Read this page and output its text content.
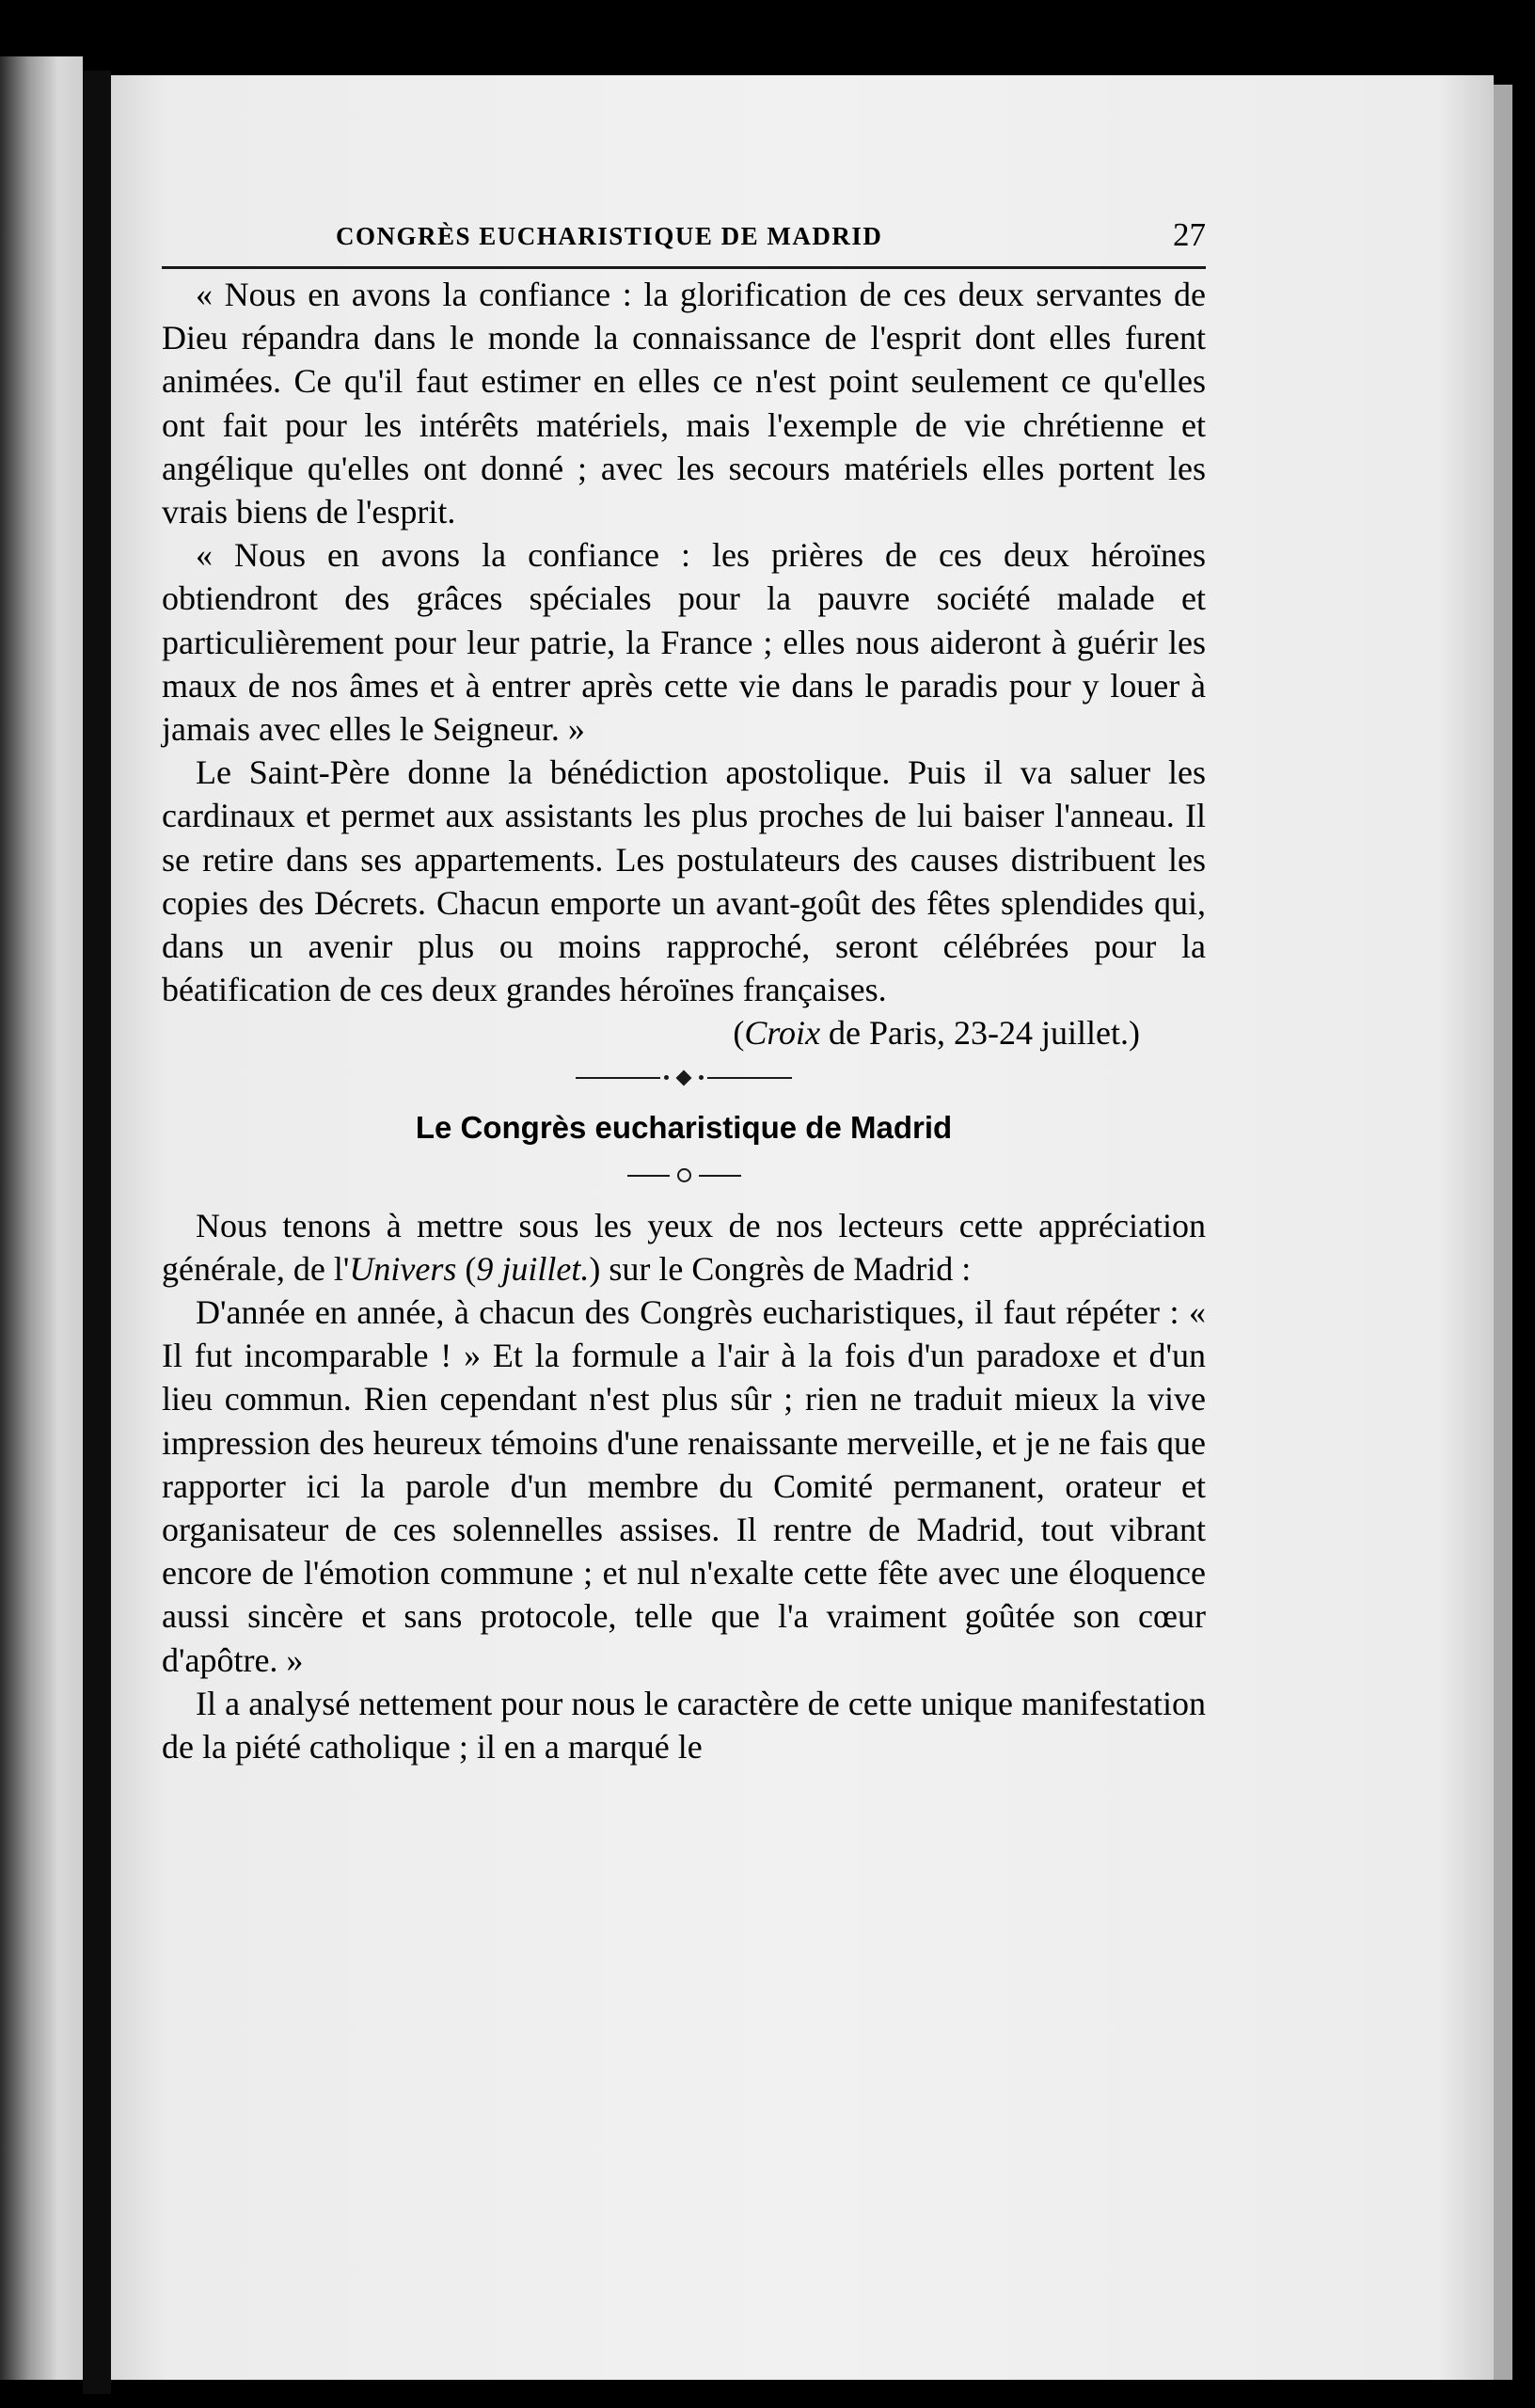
CONGRÈS EUCHARISTIQUE DE MADRID	27

« Nous en avons la confiance : la glorification de ces deux servantes de Dieu répandra dans le monde la connaissance de l'esprit dont elles furent animées. Ce qu'il faut estimer en elles ce n'est point seulement ce qu'elles ont fait pour les intérêts matériels, mais l'exemple de vie chrétienne et angélique qu'elles ont donné ; avec les secours matériels elles portent les vrais biens de l'esprit.

« Nous en avons la confiance : les prières de ces deux héroïnes obtiendront des grâces spéciales pour la pauvre société malade et particulièrement pour leur patrie, la France ; elles nous aideront à guérir les maux de nos âmes et à entrer après cette vie dans le paradis pour y louer à jamais avec elles le Seigneur. »

Le Saint-Père donne la bénédiction apostolique. Puis il va saluer les cardinaux et permet aux assistants les plus proches de lui baiser l'anneau. Il se retire dans ses appartements. Les postulateurs des causes distribuent les copies des Décrets. Chacun emporte un avant-goût des fêtes splendides qui, dans un avenir plus ou moins rapproché, seront célébrées pour la béatification de ces deux grandes héroïnes françaises.

(Croix de Paris, 23-24 juillet.)

Le Congrès eucharistique de Madrid

Nous tenons à mettre sous les yeux de nos lecteurs cette appréciation générale, de l'Univers (9 juillet.) sur le Congrès de Madrid :

D'année en année, à chacun des Congrès eucharistiques, il faut répéter : « Il fut incomparable ! » Et la formule a l'air à la fois d'un paradoxe et d'un lieu commun. Rien cependant n'est plus sûr ; rien ne traduit mieux la vive impression des heureux témoins d'une renaissante merveille, et je ne fais que rapporter ici la parole d'un membre du Comité permanent, orateur et organisateur de ces solennelles assises. Il rentre de Madrid, tout vibrant encore de l'émotion commune ; et nul n'exalte cette fête avec une éloquence aussi sincère et sans protocole, telle que l'a vraiment goûtée son cœur d'apôtre. »

Il a analysé nettement pour nous le caractère de cette unique manifestation de la piété catholique ; il en a marqué le
